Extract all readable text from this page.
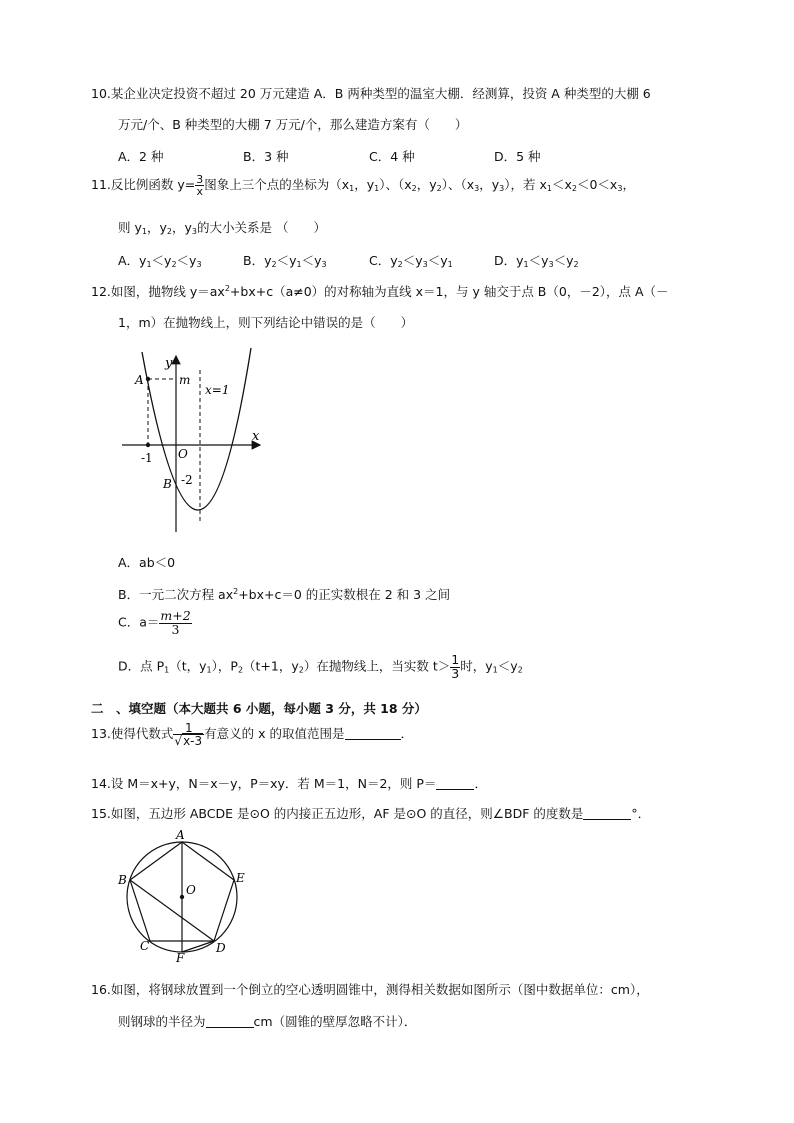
10.某企业决定投资不超过 20 万元建造 A．B 两种类型的温室大棚．经测算，投资 A 种类型的大棚 6
万元/个、B 种类型的大棚 7 万元/个，那么建造方案有（　　）
A．2 种	B．3 种	C．4 种	D．5 种
11.反比例函数 $y= \frac{3}{x}$ 图象上三个点的坐标为（$x_1$，$y_1$）、（$x_2$，$y_2$）、（$x_3$，$y_3$），若 $x_1<x_2<0<x_3$，
则 $y_1$，$y_2$，$y_3$的大小关系是 （　　）
A．$y_1<y_2<y_3$	B．$y_2<y_1<y_3$	C．$y_2<y_3<y_1$	D．$y_1<y_3<y_2$
12.如图，抛物线 $y=ax^2+bx+c(a\ne 0)$的对称轴为直线 x＝1，与 y 轴交于点 B（0，－2），点 A（－
1，m）在抛物线上，则下列结论中错误的是（　　）
y
m
A
x=1
x
O
-1
B -2
A．ab＜0
B．一元二次方程 $ax^2+bx+c=0$ 的正实数根在 2 和 3 之间
C．$a= \frac{m+2}{3}$
D．点 $P_1(t$，$y_1$），$P_2(t+1$，$y_2$）在抛物线上，当实数 $t> \frac{1}{3}$ 时，$y_1<y_2$
二　、填空题（本大题共 6 小题，每小题 3 分，共 18 分）
13.使得代数式 $\frac{1}{√x-3}$ 有意义的 x 的取值范围是	．
14.设 M＝x+y，N＝x－y，P＝xy．若 M＝1，N＝2，则 P＝	．
15.如图，五边形 ABCDE 是⊙O 的内接正五边形，AF 是⊙O 的直径，则∠BDF 的度数是	°．
A
B	E
O
C	D
F
16.如图，将钢球放置到一个倒立的空心透明圆锥中，测得相关数据如图所示（图中数据单位：cm），
则钢球的半径为	cm（圆锥的壁厚忽略不计）．
